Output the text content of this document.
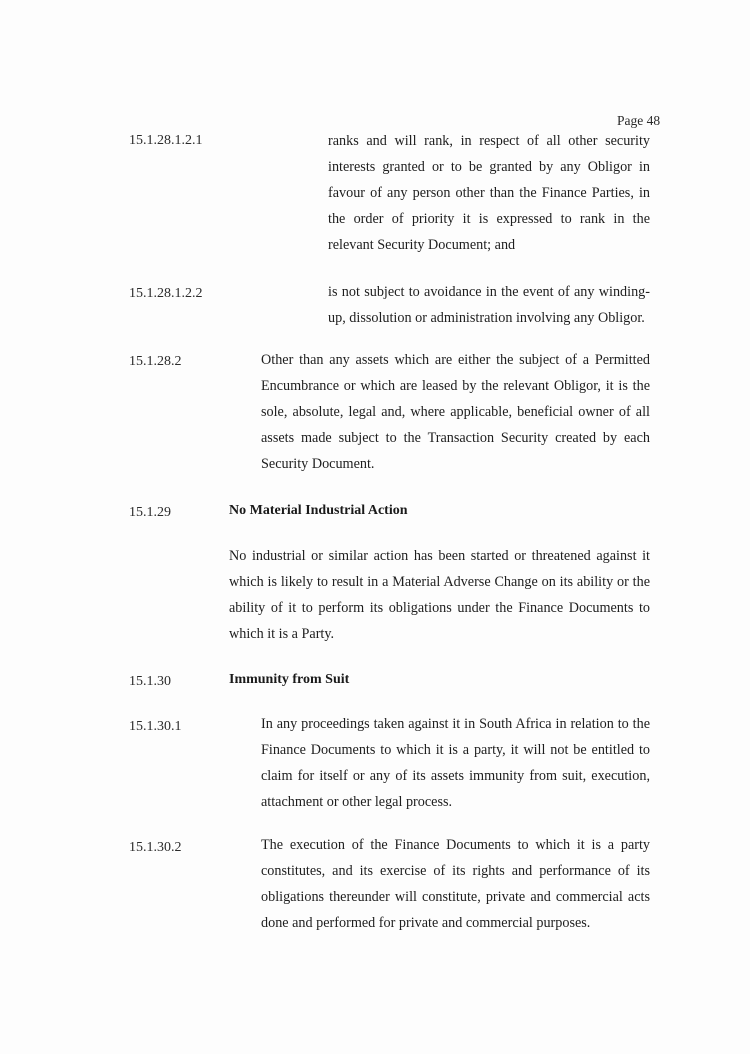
Page 48
15.1.28.1.2.1	ranks and will rank, in respect of all other security interests granted or to be granted by any Obligor in favour of any person other than the Finance Parties, in the order of priority it is expressed to rank in the relevant Security Document; and
15.1.28.1.2.2	is not subject to avoidance in the event of any winding-up, dissolution or administration involving any Obligor.
15.1.28.2	Other than any assets which are either the subject of a Permitted Encumbrance or which are leased by the relevant Obligor, it is the sole, absolute, legal and, where applicable, beneficial owner of all assets made subject to the Transaction Security created by each Security Document.
15.1.29	No Material Industrial Action
No industrial or similar action has been started or threatened against it which is likely to result in a Material Adverse Change on its ability or the ability of it to perform its obligations under the Finance Documents to which it is a Party.
15.1.30	Immunity from Suit
15.1.30.1	In any proceedings taken against it in South Africa in relation to the Finance Documents to which it is a party, it will not be entitled to claim for itself or any of its assets immunity from suit, execution, attachment or other legal process.
15.1.30.2	The execution of the Finance Documents to which it is a party constitutes, and its exercise of its rights and performance of its obligations thereunder will constitute, private and commercial acts done and performed for private and commercial purposes.
